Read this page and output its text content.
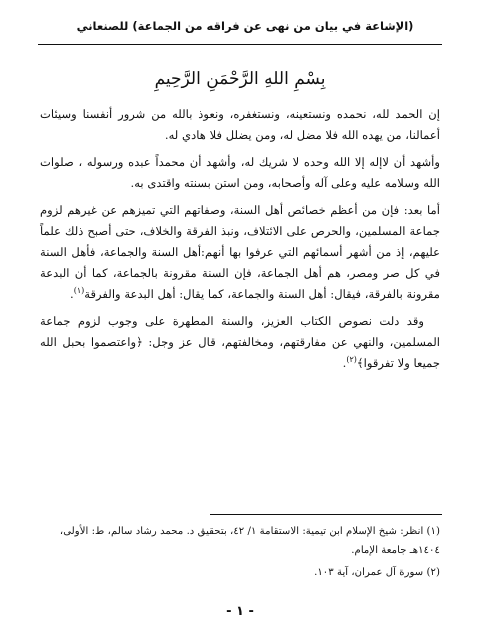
(الإشاعة في بيان من نهى عن فراقه من الجماعة) للصنعاني
بِسْمِ اللهِ الرَّحْمَنِ الرَّحِيمِ

إن الحمد لله، نحمده ونستعينه، ونستغفره، ونعوذ بالله من شرور أنفسنا وسيئات أعمالنا، من يهده الله فلا مضل له، ومن يضلل فلا هادي له.

وأشهد أن لاإله إلا الله وحده لا شريك له، وأشهد أن محمداً عبده ورسوله ، صلوات الله وسلامه عليه وعلى آله وأصحابه، ومن استن بسنته واقتدى به.

أما بعد: فإن من أعظم خصائص أهل السنة، وصفاتهم التي تميزهم عن غيرهم لزوم جماعة المسلمين، والحرص على الائتلاف، ونبذ الفرقة والخلاف، حتى أصبح ذلك علماً عليهم، إذ من أشهر أسمائهم التي عرفوا بها أنهم:أهل السنة والجماعة، فأهل السنة في كل صر ومصر، هم أهل الجماعة، فإن السنة مقرونة بالجماعة، كما أن البدعة مقرونة بالفرقة، فيقال: أهل السنة والجماعة، كما يقال: أهل البدعة والفرقة$^{(١)}$.

وقد دلت نصوص الكتاب العزيز، والسنة المطهرة على وجوب لزوم جماعة المسلمين، والنهي عن مفارقتهم، ومخالفتهم، قال عز وجل: ﴿واعتصموا بحبل الله جميعا ولا تفرقوا﴾$^{(٢)}$.

(١) انظر: شيخ الإسلام ابن تيمية: الاستقامة ١/ ٤٢، بتحقيق د. محمد رشاد سالم، ط: الأولى، ١٤٠٤هـ جامعة الإمام.

(٢) سورة آل عمران، آية ١٠٣.

- ١ -
